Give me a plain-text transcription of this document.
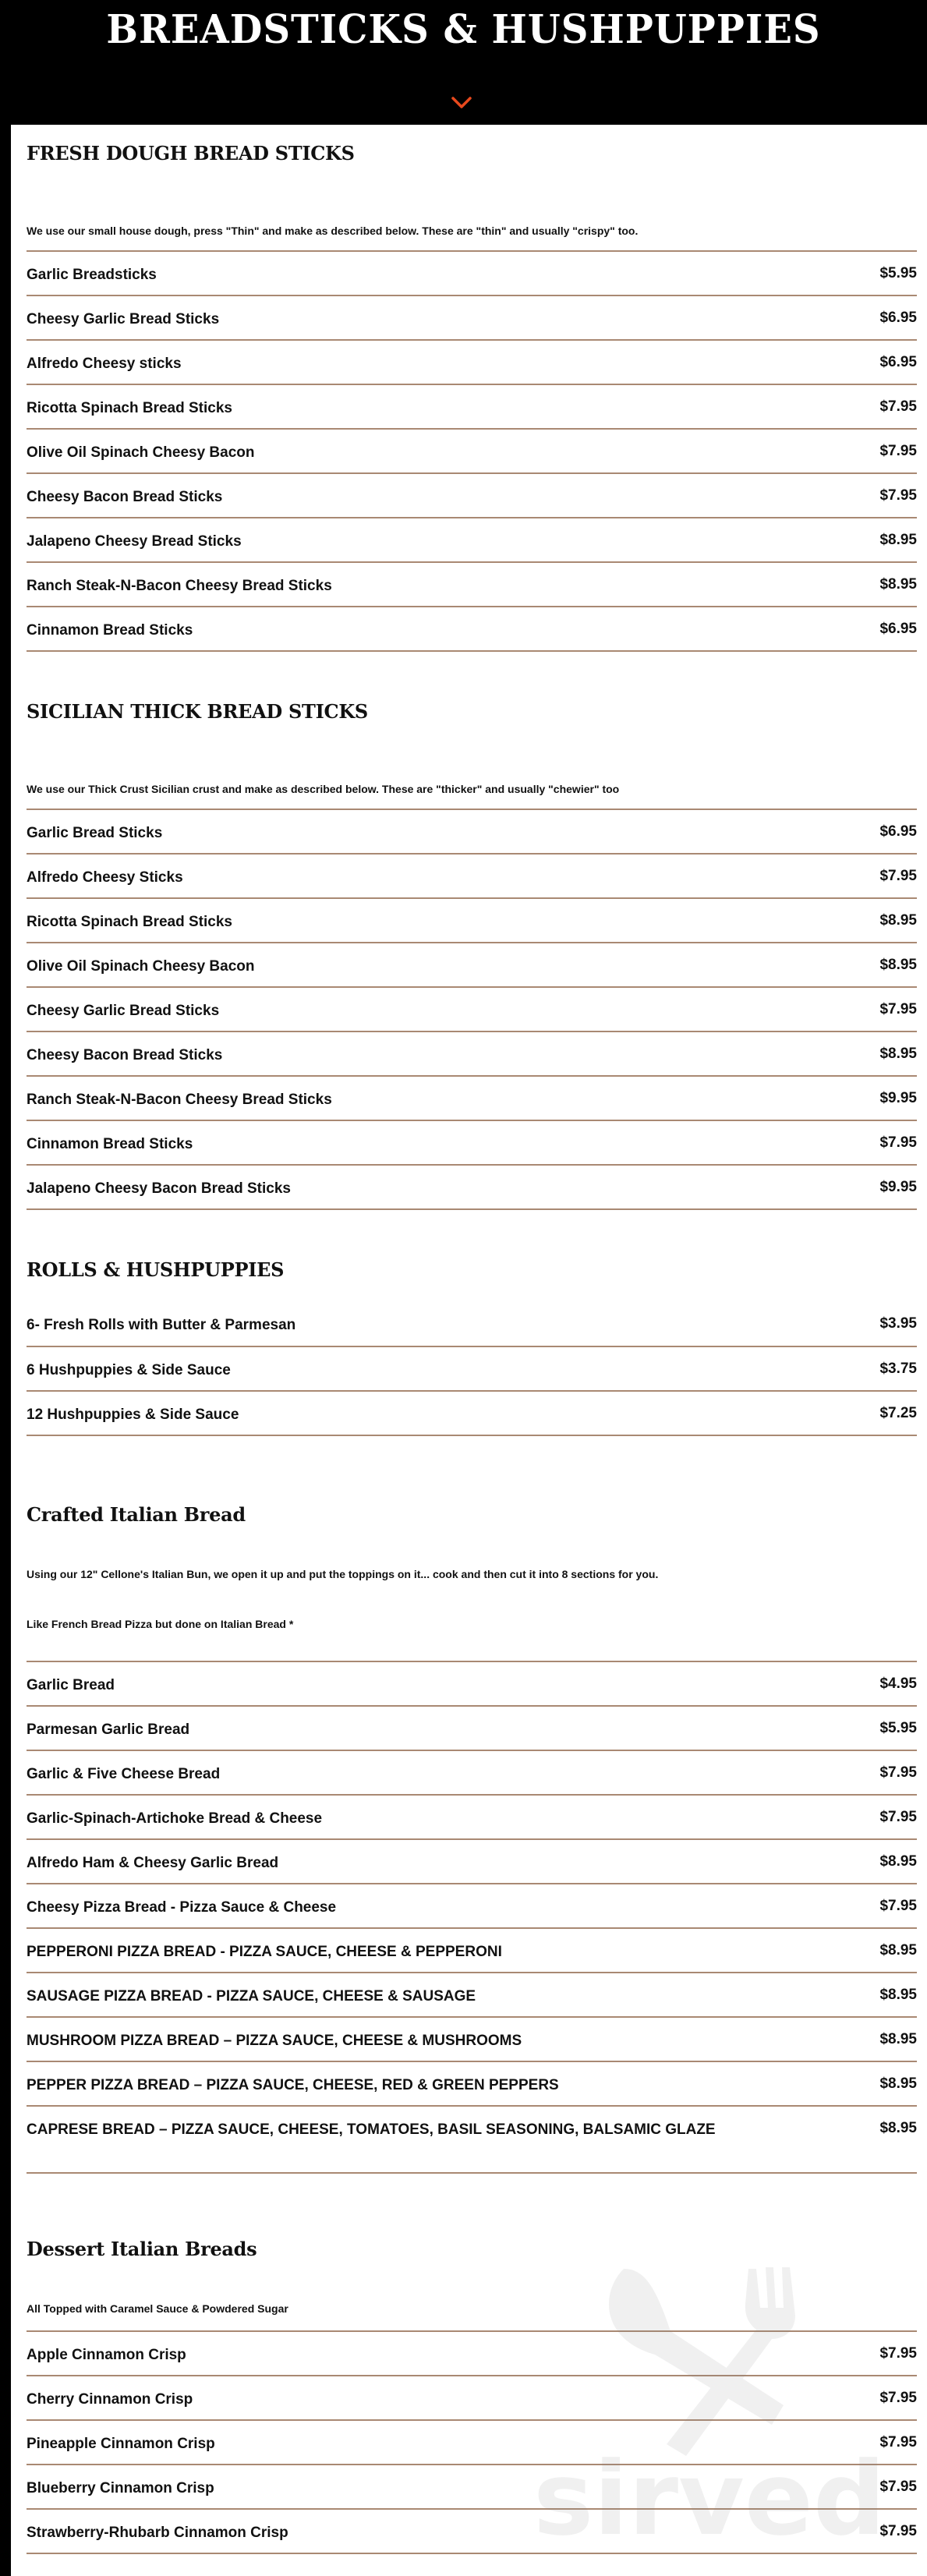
BREADSTICKS & HUSHPUPPIES
FRESH DOUGH BREAD STICKS
We use our small house dough, press "Thin" and make as described below. These are "thin" and usually "crispy" too.
Garlic Breadsticks	$5.95
Cheesy Garlic Bread Sticks	$6.95
Alfredo Cheesy sticks	$6.95
Ricotta Spinach Bread Sticks	$7.95
Olive Oil Spinach Cheesy Bacon	$7.95
Cheesy Bacon Bread Sticks	$7.95
Jalapeno Cheesy Bread Sticks	$8.95
Ranch Steak-N-Bacon Cheesy Bread Sticks	$8.95
Cinnamon Bread Sticks	$6.95
SICILIAN THICK BREAD STICKS
We use our Thick Crust Sicilian crust and make as described below. These are "thicker" and usually "chewier" too
Garlic Bread Sticks	$6.95
Alfredo Cheesy Sticks	$7.95
Ricotta Spinach Bread Sticks	$8.95
Olive Oil Spinach Cheesy Bacon	$8.95
Cheesy Garlic Bread Sticks	$7.95
Cheesy Bacon Bread Sticks	$8.95
Ranch Steak-N-Bacon Cheesy Bread Sticks	$9.95
Cinnamon Bread Sticks	$7.95
Jalapeno Cheesy Bacon Bread Sticks	$9.95
ROLLS & HUSHPUPPIES
6- Fresh Rolls with Butter & Parmesan	$3.95
6 Hushpuppies & Side Sauce	$3.75
12 Hushpuppies & Side Sauce	$7.25
Crafted Italian Bread
Using our 12" Cellone's Italian Bun, we open it up and put the toppings on it... cook and then cut it into 8 sections for you.
Like French Bread Pizza but done on Italian Bread *
Garlic Bread	$4.95
Parmesan Garlic Bread	$5.95
Garlic & Five Cheese Bread	$7.95
Garlic-Spinach-Artichoke Bread & Cheese	$7.95
Alfredo Ham & Cheesy Garlic Bread	$8.95
Cheesy Pizza Bread - Pizza Sauce & Cheese	$7.95
PEPPERONI PIZZA BREAD - PIZZA SAUCE, CHEESE & PEPPERONI	$8.95
SAUSAGE PIZZA BREAD - PIZZA SAUCE, CHEESE & SAUSAGE	$8.95
MUSHROOM PIZZA BREAD – PIZZA SAUCE, CHEESE & MUSHROOMS	$8.95
PEPPER PIZZA BREAD – PIZZA SAUCE, CHEESE, RED & GREEN PEPPERS	$8.95
CAPRESE BREAD – PIZZA SAUCE, CHEESE, TOMATOES, BASIL SEASONING, BALSAMIC GLAZE	$8.95
Dessert Italian Breads
All Topped with Caramel Sauce & Powdered Sugar
Apple Cinnamon Crisp	$7.95
Cherry Cinnamon Crisp	$7.95
Pineapple Cinnamon Crisp	$7.95
Blueberry Cinnamon Crisp	$7.95
Strawberry-Rhubarb Cinnamon Crisp	$7.95
sirved
